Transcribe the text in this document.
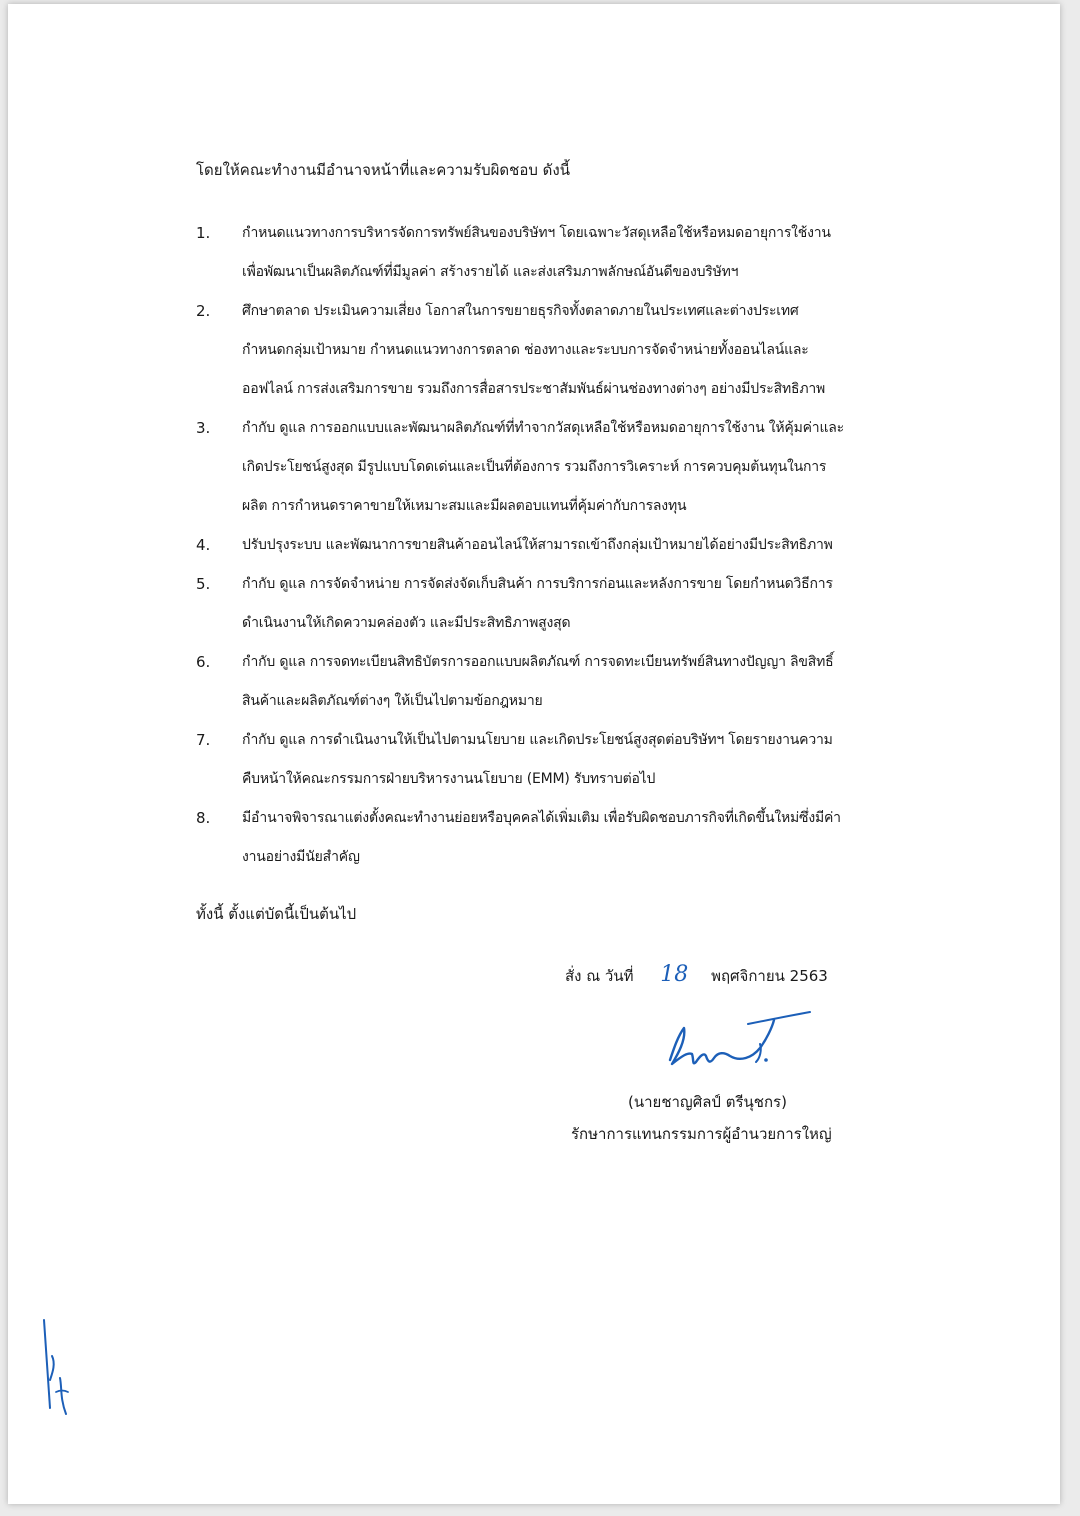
โดยให้คณะทำงานมีอำนาจหน้าที่และความรับผิดชอบ ดังนี้
1.	กำหนดแนวทางการบริหารจัดการทรัพย์สินของบริษัทฯ โดยเฉพาะวัสดุเหลือใช้หรือหมดอายุการใช้งาน
เพื่อพัฒนาเป็นผลิตภัณฑ์ที่มีมูลค่า สร้างรายได้ และส่งเสริมภาพลักษณ์อันดีของบริษัทฯ
2.	ศึกษาตลาด ประเมินความเสี่ยง โอกาสในการขยายธุรกิจทั้งตลาดภายในประเทศและต่างประเทศ
กำหนดกลุ่มเป้าหมาย กำหนดแนวทางการตลาด ช่องทางและระบบการจัดจำหน่ายทั้งออนไลน์และ
ออฟไลน์ การส่งเสริมการขาย รวมถึงการสื่อสารประชาสัมพันธ์ผ่านช่องทางต่างๆ อย่างมีประสิทธิภาพ
3.	กำกับ ดูแล การออกแบบและพัฒนาผลิตภัณฑ์ที่ทำจากวัสดุเหลือใช้หรือหมดอายุการใช้งาน ให้คุ้มค่าและ
เกิดประโยชน์สูงสุด มีรูปแบบโดดเด่นและเป็นที่ต้องการ รวมถึงการวิเคราะห์ การควบคุมต้นทุนในการ
ผลิต การกำหนดราคาขายให้เหมาะสมและมีผลตอบแทนที่คุ้มค่ากับการลงทุน
4.	ปรับปรุงระบบ และพัฒนาการขายสินค้าออนไลน์ให้สามารถเข้าถึงกลุ่มเป้าหมายได้อย่างมีประสิทธิภาพ
5.	กำกับ ดูแล การจัดจำหน่าย การจัดส่งจัดเก็บสินค้า การบริการก่อนและหลังการขาย โดยกำหนดวิธีการ
ดำเนินงานให้เกิดความคล่องตัว และมีประสิทธิภาพสูงสุด
6.	กำกับ ดูแล การจดทะเบียนสิทธิบัตรการออกแบบผลิตภัณฑ์ การจดทะเบียนทรัพย์สินทางปัญญา ลิขสิทธิ์
สินค้าและผลิตภัณฑ์ต่างๆ ให้เป็นไปตามข้อกฎหมาย
7.	กำกับ ดูแล การดำเนินงานให้เป็นไปตามนโยบาย และเกิดประโยชน์สูงสุดต่อบริษัทฯ โดยรายงานความ
คืบหน้าให้คณะกรรมการฝ่ายบริหารงานนโยบาย (EMM) รับทราบต่อไป
8.	มีอำนาจพิจารณาแต่งตั้งคณะทำงานย่อยหรือบุคคลได้เพิ่มเติม เพื่อรับผิดชอบภารกิจที่เกิดขึ้นใหม่ซึ่งมีค่า
งานอย่างมีนัยสำคัญ
ทั้งนี้ ตั้งแต่บัดนี้เป็นต้นไป
สั่ง ณ วันที่ 18 พฤศจิกายน 2563
(นายชาญศิลป์ ตรีนุชกร)
รักษาการแทนกรรมการผู้อำนวยการใหญ่
